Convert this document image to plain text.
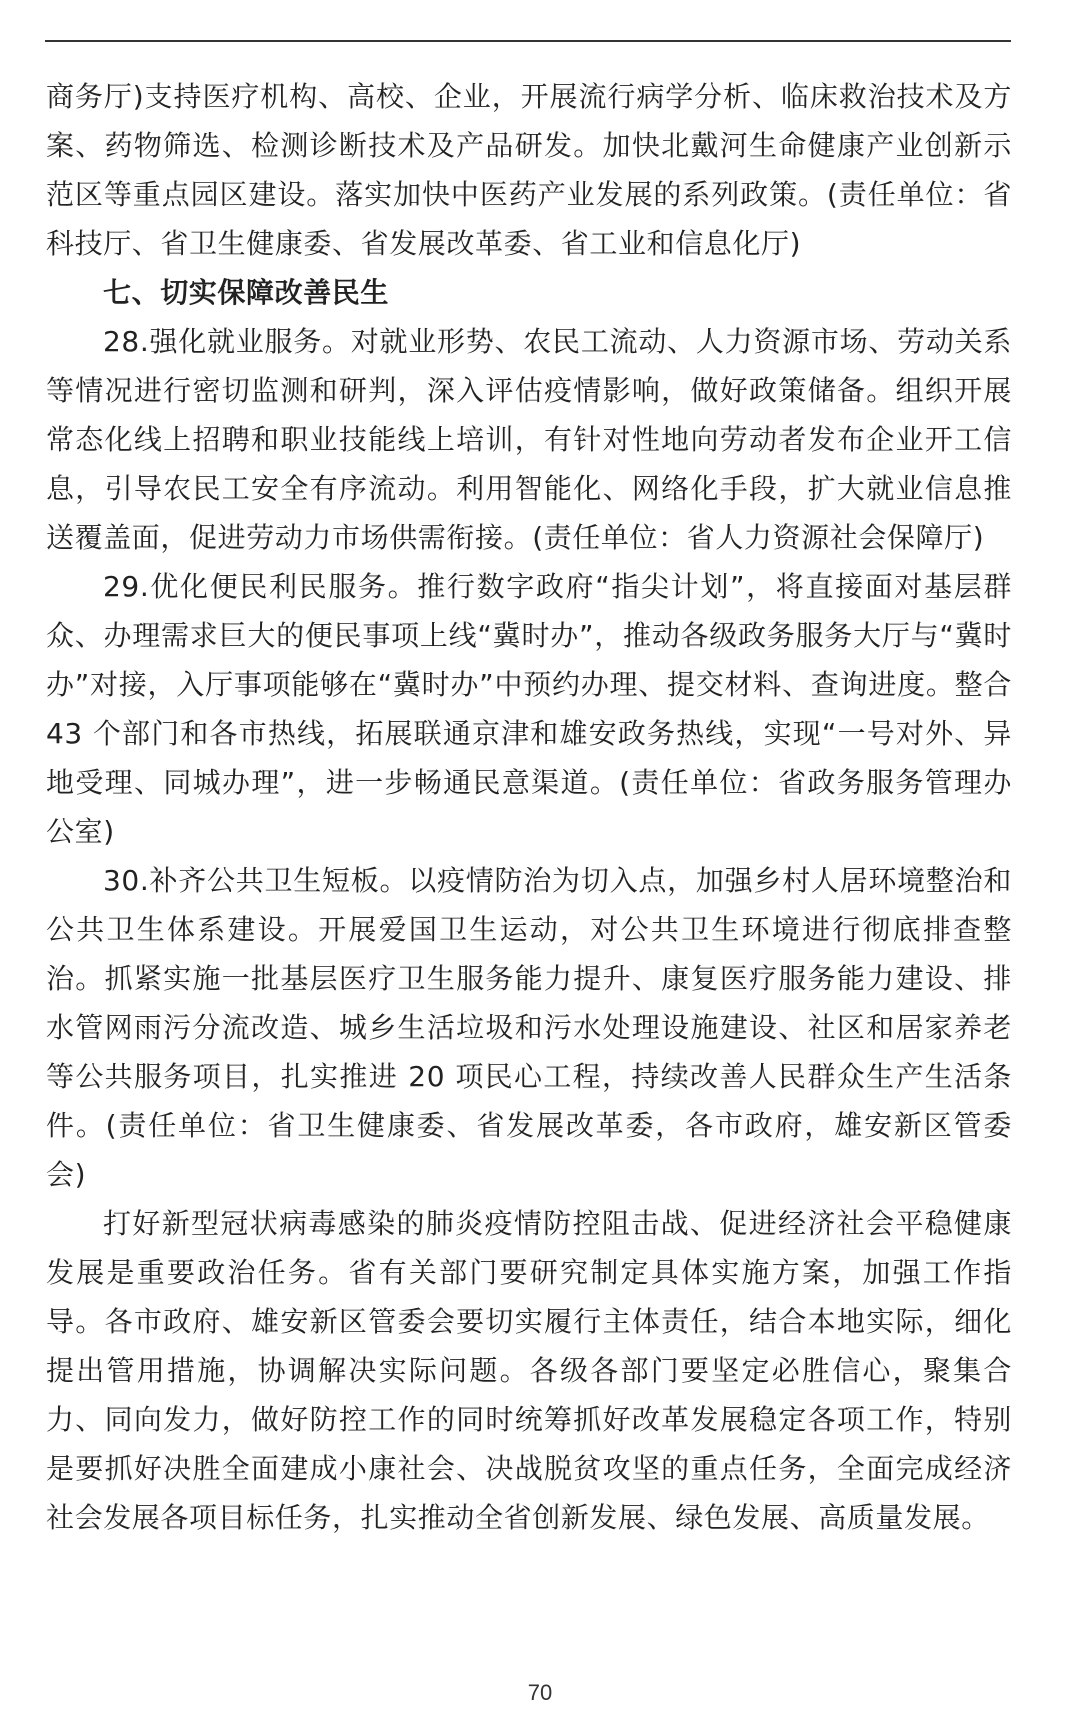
商务厅)支持医疗机构、高校、企业，开展流行病学分析、临床救治技术及方案、药物筛选、检测诊断技术及产品研发。加快北戴河生命健康产业创新示范区等重点园区建设。落实加快中医药产业发展的系列政策。(责任单位：省科技厅、省卫生健康委、省发展改革委、省工业和信息化厅)

七、切实保障改善民生

28.强化就业服务。对就业形势、农民工流动、人力资源市场、劳动关系等情况进行密切监测和研判，深入评估疫情影响，做好政策储备。组织开展常态化线上招聘和职业技能线上培训，有针对性地向劳动者发布企业开工信息，引导农民工安全有序流动。利用智能化、网络化手段，扩大就业信息推送覆盖面，促进劳动力市场供需衔接。(责任单位：省人力资源社会保障厅)

29.优化便民利民服务。推行数字政府“指尖计划”，将直接面对基层群众、办理需求巨大的便民事项上线“冀时办”，推动各级政务服务大厅与“冀时办”对接，入厅事项能够在“冀时办”中预约办理、提交材料、查询进度。整合 43 个部门和各市热线，拓展联通京津和雄安政务热线，实现“一号对外、异地受理、同城办理”，进一步畅通民意渠道。(责任单位：省政务服务管理办公室)

30.补齐公共卫生短板。以疫情防治为切入点，加强乡村人居环境整治和公共卫生体系建设。开展爱国卫生运动，对公共卫生环境进行彻底排查整治。抓紧实施一批基层医疗卫生服务能力提升、康复医疗服务能力建设、排水管网雨污分流改造、城乡生活垃圾和污水处理设施建设、社区和居家养老等公共服务项目，扎实推进 20 项民心工程，持续改善人民群众生产生活条件。(责任单位：省卫生健康委、省发展改革委，各市政府，雄安新区管委会)

打好新型冠状病毒感染的肺炎疫情防控阻击战、促进经济社会平稳健康发展是重要政治任务。省有关部门要研究制定具体实施方案，加强工作指导。各市政府、雄安新区管委会要切实履行主体责任，结合本地实际，细化提出管用措施，协调解决实际问题。各级各部门要坚定必胜信心，聚集合力、同向发力，做好防控工作的同时统筹抓好改革发展稳定各项工作，特别是要抓好决胜全面建成小康社会、决战脱贫攻坚的重点任务，全面完成经济社会发展各项目标任务，扎实推动全省创新发展、绿色发展、高质量发展。

70
